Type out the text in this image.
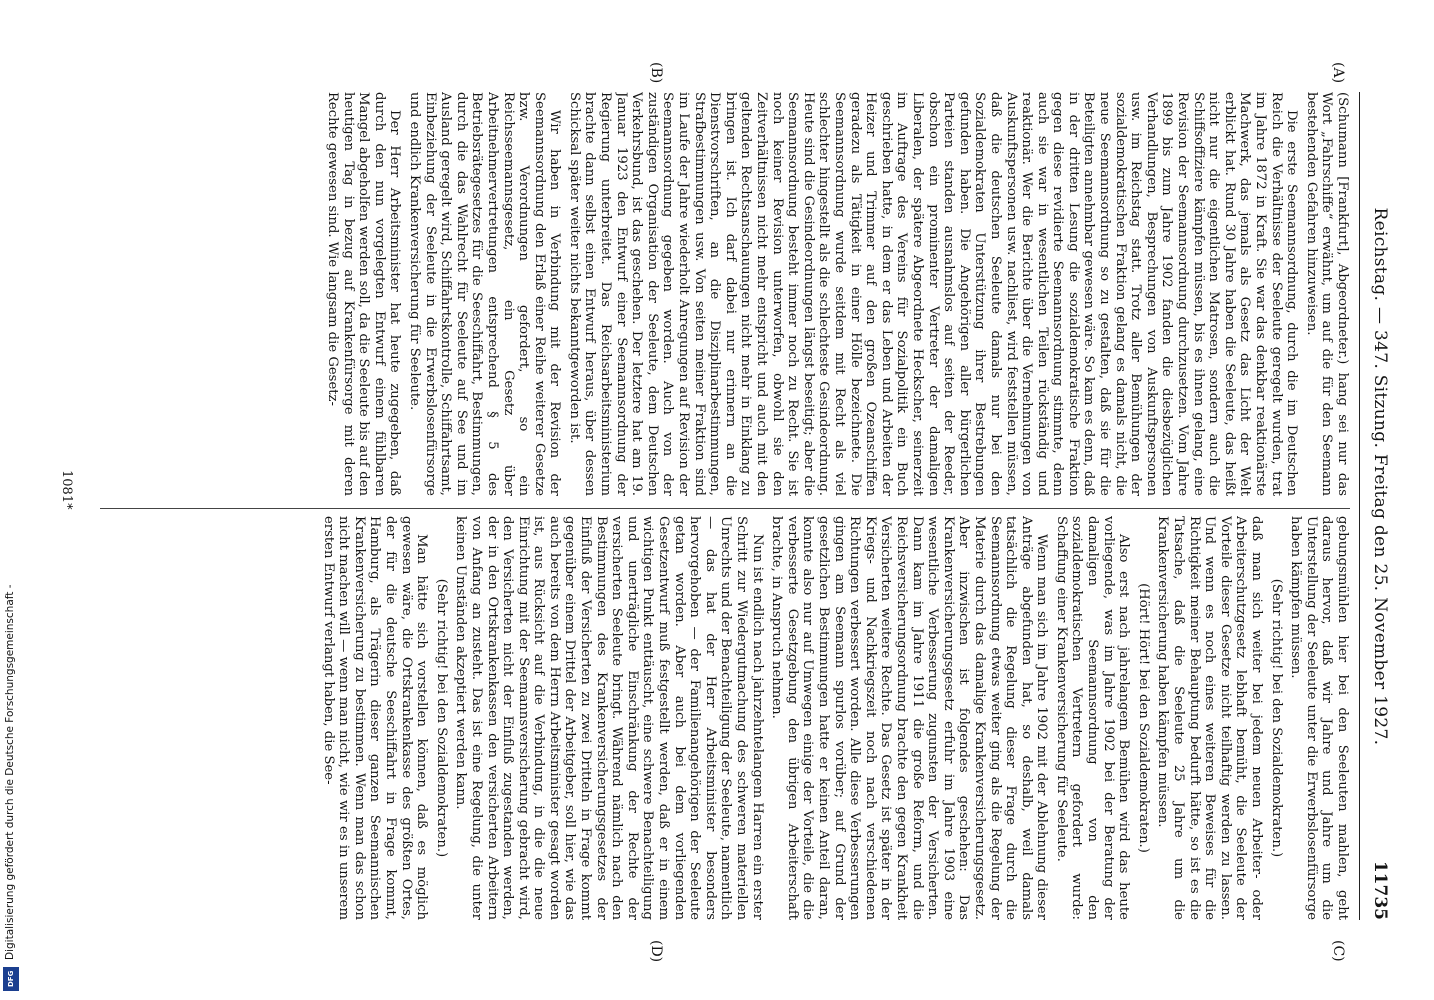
Reichstag. — 347. Sitzung. Freitag den 25. November 1927.
11735
(A)
(B)
(C)
(D)

(Schumann [Frankfurt], Abgeordneter.) hang sei nur das Wort „Fahrschiffe“ erwähnt, um auf die für den Seemann bestehenden Gefahren hinzuweisen.

Die erste Seemannsordnung, durch die im Deutschen Reich die Verhältnisse der Seeleute geregelt wurden, trat im Jahre 1872 in Kraft. Sie war das denkbar reaktionärste Machwerk, das jemals als Gesetz das Licht der Welt erblickt hat. Rund 30 Jahre haben die Seeleute, das heißt nicht nur die eigentlichen Matrosen, sondern auch die Schiffsoffiziere kämpfen müssen, bis es ihnen gelang, eine Revision der Seemannsordnung durchzusetzen. Vom Jahre 1899 bis zum Jahre 1902 fanden die diesbezüglichen Verhandlungen, Besprechungen von Auskunftspersonen usw. im Reichstag statt. Trotz aller Bemühungen der sozialdemokratischen Fraktion gelang es damals nicht, die neue Seemannsordnung so zu gestalten, daß sie für die Beteiligten annehmbar gewesen wäre. So kam es denn, daß in der dritten Lesung die sozialdemokratische Fraktion gegen diese revidierte Seemannsordnung stimmte, denn auch sie war in wesentlichen Teilen rückständig und reaktionär. Wer die Berichte über die Vernehmungen von Auskunftspersonen usw. nachliest, wird feststellen müssen, daß die deutschen Seeleute damals nur bei den Sozialdemokraten Unterstützung ihrer Bestrebungen gefunden haben. Die Angehörigen aller bürgerlichen Parteien standen ausnahmslos auf seiten der Reeder, obschon ein prominenter Vertreter der damaligen Liberalen, der spätere Abgeordnete Heckscher, seinerzeit im Auftrage des Vereins für Sozialpolitik ein Buch geschrieben hatte, in dem er das Leben und Arbeiten der Heizer und Trimmer auf den großen Ozeanschiffen geradezu als Tätigkeit in einer Hölle bezeichnete. Die Seemannsordnung wurde seitdem mit Recht als viel schlechter hingestellt als die schlechteste Gesindeordnung. Heute sind die Gesindeordnungen längst beseitigt; aber die Seemannsordnung besteht immer noch zu Recht. Sie ist noch keiner Revision unterworfen, obwohl sie den Zeitverhältnissen nicht mehr entspricht und auch mit den geltenden Rechtsanschauungen nicht mehr in Einklang zu bringen ist. Ich darf dabei nur erinnern an die Dienstvorschriften, an die Disziplinarbestimmungen, Strafbestimmungen usw. Von seiten meiner Fraktion sind im Laufe der Jahre wiederholt Anregungen auf Revision der Seemannsordnung gegeben worden. Auch von der zuständigen Organisation der Seeleute, dem Deutschen Verkehrsbund, ist das geschehen. Der letztere hat am 19. Januar 1923 den Entwurf einer Seemannsordnung der Regierung unterbreitet. Das Reichsarbeitsministerium brachte dann selbst einen Entwurf heraus, über dessen Schicksal später weiter nichts bekanntgeworden ist.

Wir haben in Verbindung mit der Revision der Seemannsordnung den Erlaß einer Reihe weiterer Gesetze bzw. Verordnungen gefordert, so ein Reichsseemannsgesetz, ein Gesetz über Arbeitnehmervertretungen entsprechend § 5 des Betriebsrätegesetzes für die Seeschiffahrt, Bestimmungen, durch die das Wahlrecht für Seeleute auf See und im Ausland geregelt wird, Schiffahrtskontrolle, Schiffahrtsamt, Einbeziehung der Seeleute in die Erwerbslosenfürsorge und endlich Krankenversicherung für Seeleute.

Der Herr Arbeitsminister hat heute zugegeben, daß durch den nun vorgelegten Entwurf einem fühlbaren Mangel abgeholfen werden soll, da die Seeleute bis auf den heutigen Tag in bezug auf Krankenfürsorge mit deren Rechte gewesen sind. Wie langsam die Gesetz-

gebungsmühlen hier bei den Seeleuten mahlen, geht daraus hervor, daß wir Jahre und Jahre um die Unterstellung der Seeleute unter die Erwerbslosenfürsorge haben kämpfen müssen.

(Sehr richtig! bei den Sozialdemokraten.)

daß man sich weiter bei jedem neuen Arbeiter- oder Arbeiterschutzgesetz lebhaft bemüht, die Seeleute der Vorteile dieser Gesetze nicht teilhaftig werden zu lassen. Und wenn es noch eines weiteren Beweises für die Richtigkeit meiner Behauptung bedurft hätte, so ist es die Tatsache, daß die Seeleute 25 Jahre um die Krankenversicherung haben kämpfen müssen.

(Hört! Hört! bei den Sozialdemokraten.)

Also erst nach jahrelangem Bemühen wird das heute vorliegende, was im Jahre 1902 bei der Beratung der damaligen Seemannsordnung von den sozialdemokratischen Vertretern gefordert wurde: Schaffung einer Krankenversicherung für Seeleute.

Wenn man sich im Jahre 1902 mit der Ablehnung dieser Anträge abgefunden hat, so deshalb, weil damals tatsächlich die Regelung dieser Frage durch die Seemannsordnung etwas weiter ging als die Regelung der Materie durch das damalige Krankenversicherungsgesetz. Aber inzwischen ist folgendes geschehen: Das Krankenversicherungsgesetz erfuhr im Jahre 1903 eine wesentliche Verbesserung zugunsten der Versicherten. Dann kam im Jahre 1911 die große Reform, und die Reichsversicherungsordnung brachte den gegen Krankheit Versicherten weitere Rechte. Das Gesetz ist später in der Kriegs- und Nachkriegszeit noch nach verschiedenen Richtungen verbessert worden. Alle diese Verbesserungen gingen am Seemann spurlos vorüber; auf Grund der gesetzlichen Bestimmungen hatte er keinen Anteil daran, konnte also nur auf Umwegen einige der Vorteile, die die verbesserte Gesetzgebung den übrigen Arbeiterschaft brachte, in Anspruch nehmen.

Nun ist endlich nach jahrzehntelangem Harren ein erster Schritt zur Wiedergutmachung des schweren materiellen Unrechts und der Benachteiligung der Seeleute, namentlich — das hat der Herr Arbeitsminister besonders hervorgehoben — der Familienangehörigen der Seeleute getan worden. Aber auch bei dem vorliegenden Gesetzentwurf muß festgestellt werden, daß er in einem wichtigen Punkt enttäuscht, eine schwere Benachteiligung und unerträgliche Einschränkung der Rechte der versicherten Seeleute bringt. Während nämlich nach den Bestimmungen des Krankenversicherungsgesetzes der Einfluß der Versicherten zu zwei Dritteln in Frage kommt gegenüber einem Drittel der Arbeitgeber, soll hier, wie das auch bereits von dem Herrn Arbeitsminister gesagt worden ist, aus Rücksicht auf die Verbindung, in die die neue Einrichtung mit der Seemannsversicherung gebracht wird, den Versicherten nicht der Einfluß zugestanden werden, der in den Ortskrankenkassen den versicherten Arbeitern von Anfang an zusteht. Das ist eine Regelung, die unter keinen Umständen akzeptiert werden kann.

(Sehr richtig! bei den Sozialdemokraten.)

Man hätte sich vorstellen können, daß es möglich gewesen wäre, die Ortskrankenkasse des größten Ortes, der für die deutsche Seeschiffahrt in Frage kommt, Hamburg, als Trägerin dieser ganzen Seemannischen Krankenversicherung zu bestimmen. Wenn man das schon nicht machen will — wenn man nicht, wie wir es in unserem ersten Entwurf verlangt haben, die See-

1081*
Digitalisierung gefördert durch die Deutsche Forschungsgemeinschaft -
DFG
